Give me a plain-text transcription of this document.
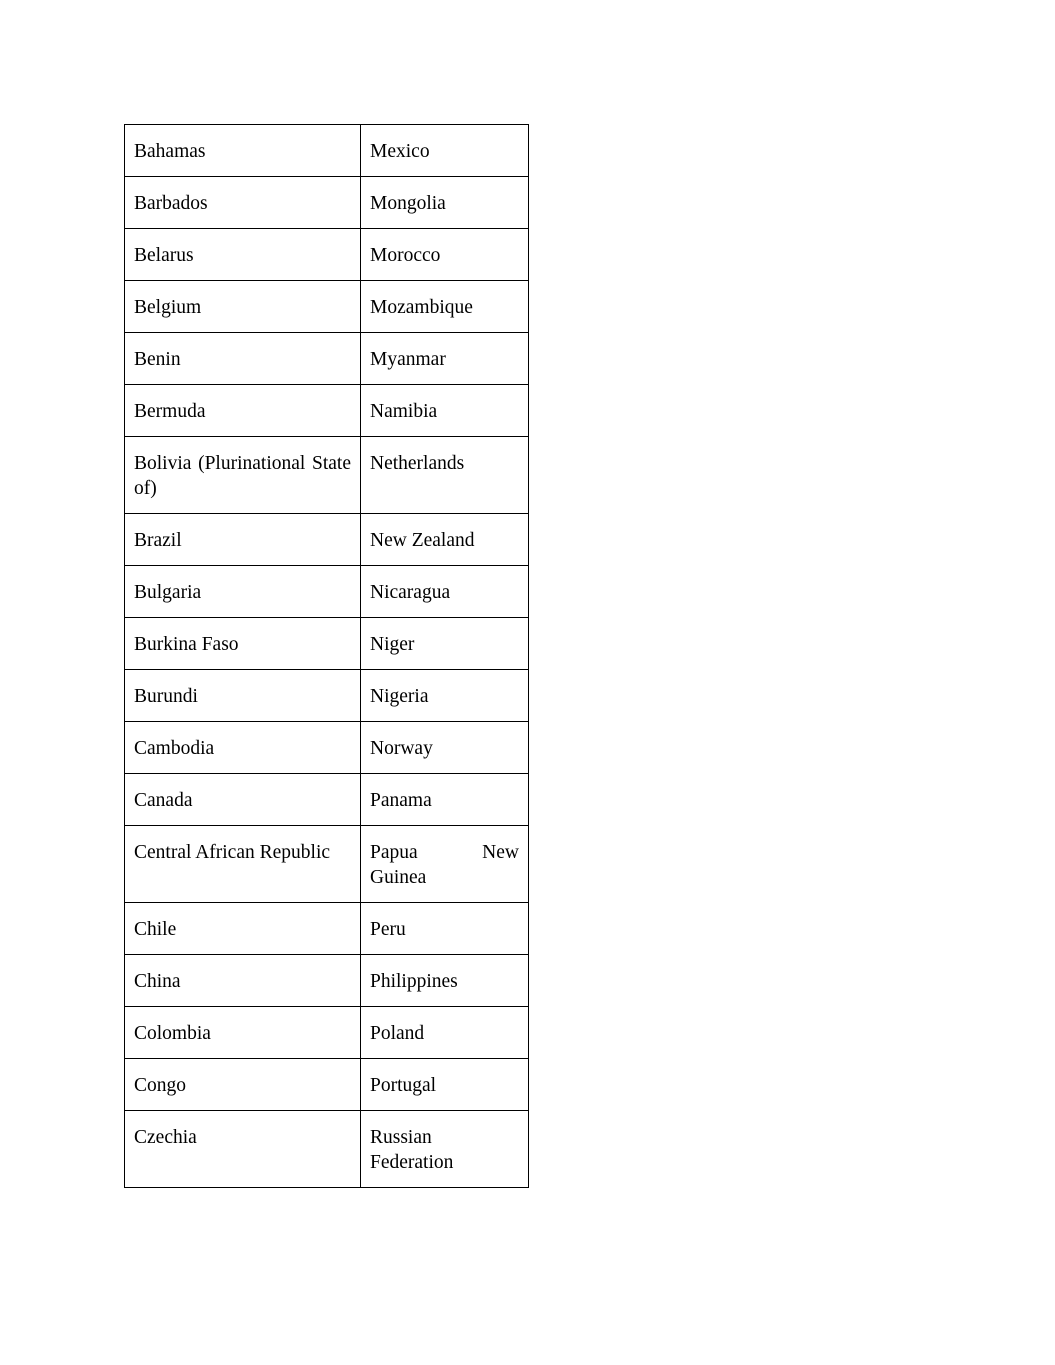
Bahamas	Mexico
Barbados	Mongolia
Belarus	Morocco
Belgium	Mozambique
Benin	Myanmar
Bermuda	Namibia
Bolivia (Plurinational State of)	Netherlands
Brazil	New Zealand
Bulgaria	Nicaragua
Burkina Faso	Niger
Burundi	Nigeria
Cambodia	Norway
Canada	Panama
Central African Republic	Papua New Guinea
Chile	Peru
China	Philippines
Colombia	Poland
Congo	Portugal
Czechia	Russian Federation
